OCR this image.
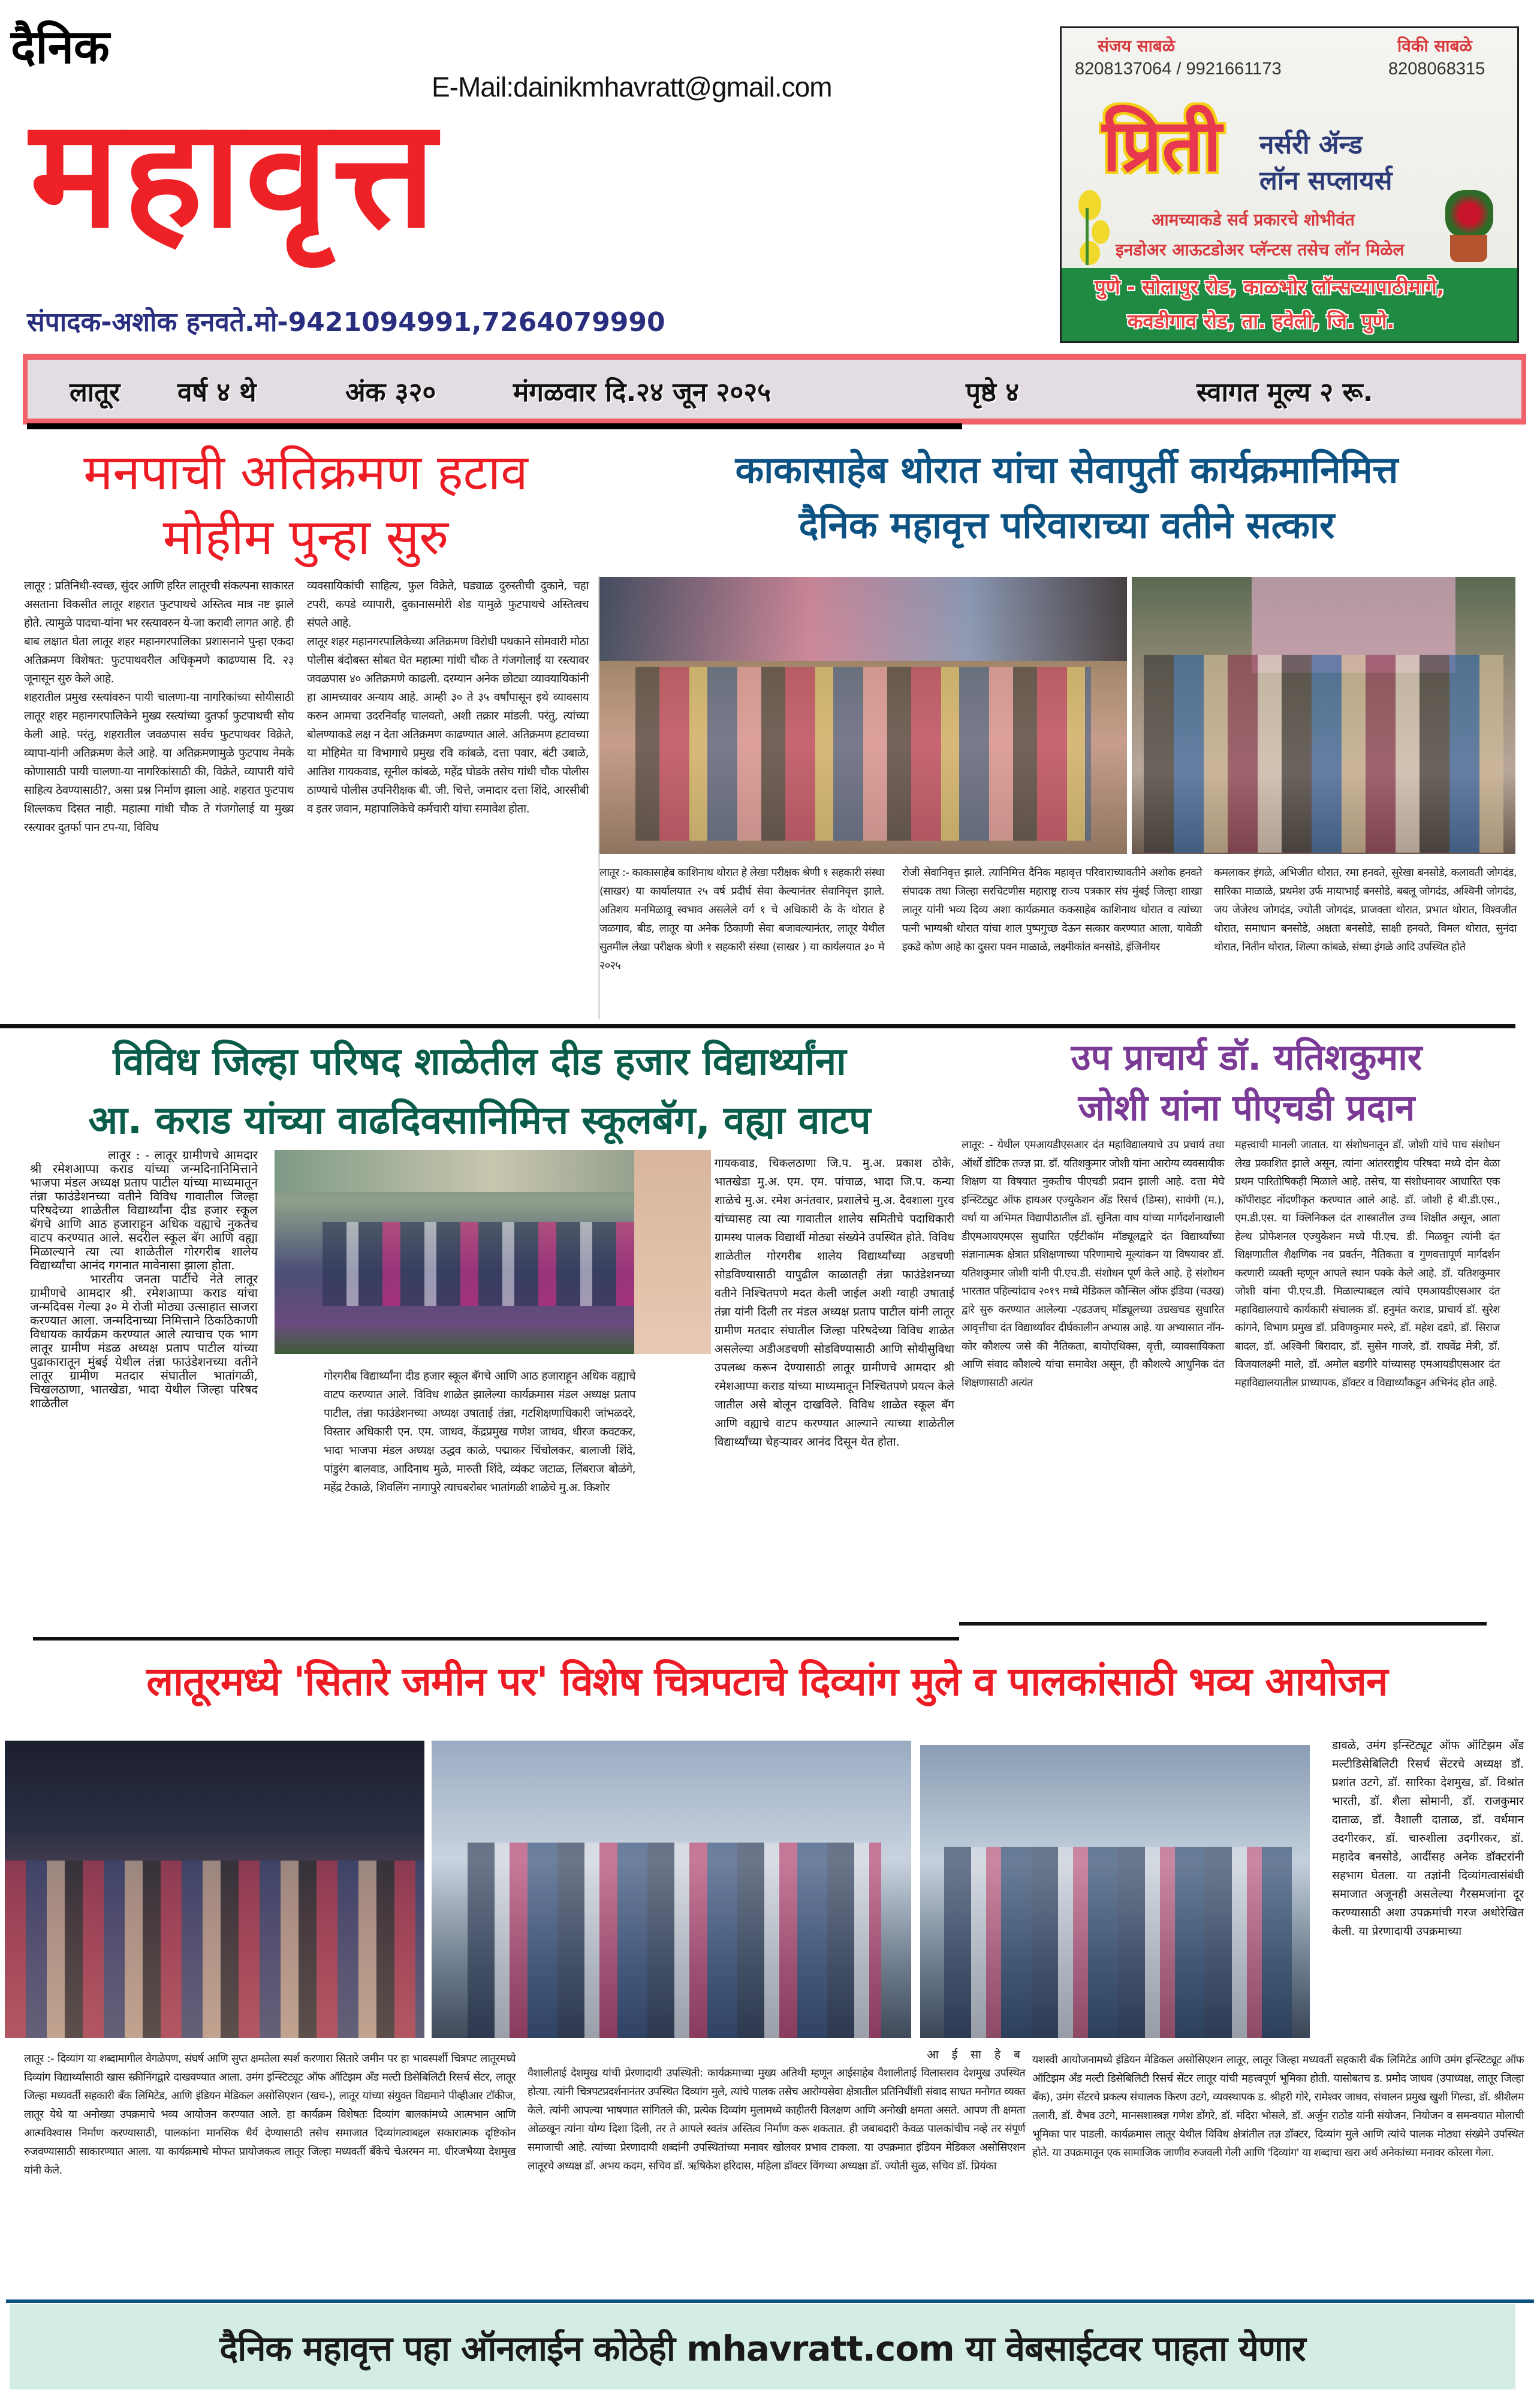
दैनिक
E-Mail:dainikmhavratt@gmail.com
महावृत्त
संपादक-अशोक हनवते.मो-9421094991,7264079990
संजय साबळे
8208137064 / 9921661173
विकी साबळे
8208068315
प्रिती नर्सरी ॲन्ड
लॉन सप्लायर्स
आमच्याकडे सर्व प्रकारचे शोभीवंत
इनडोअर आऊटडोअर प्लॅन्टस तसेच लॉन मिळेल
पुणे - सोलापुर रोड, काळभोर लॉन्सच्यापाठीमागे,
कवडीगाव रोड, ता. हवेली, जि. पुणे.
लातूर वर्ष ४ थे	अंक ३२०	मंगळवार दि.२४ जून २०२५	पृष्ठे ४	स्वागत मूल्य २ रू.
मनपाची अतिक्रमण हटाव
मोहीम पुन्हा सुरु

लातूर : प्रतिनिधी-स्वच्छ, सुंदर आणि हरित लातूरची संकल्पना साकारत असताना विकसीत लातूर शहरात फुटपाथचे अस्तित्व मात्र नष्ट झाले होते. त्यामुळे पादचा-यांना भर रस्त्यावरुन ये-जा करावी लागत आहे. ही बाब लक्षात घेता लातूर शहर महानगरपालिका प्रशासनाने पुन्हा एकदा अतिक्रमण विशेषत: फुटपाथवरील अधिकृमणे काढण्यास दि. २३ जूनासून सुरु केले आहे.

शहरातील प्रमुख रस्त्यांवरुन पायी चालणा-या नागरिकांच्या सोयीसाठी लातूर शहर महानगरपालिकेने मुख्य रस्त्यांच्या दुतर्फा फुटपाथची सोय केली आहे. परंतु, शहरातील जवळपास सर्वच फुटपाथवर विक्रेते, व्यापा-यांनी अतिक्रमण केले आहे. या अतिक्रमणामुळे फुटपाथ नेमके कोणासाठी पायी चालणा-या नागरिकांसाठी की, विक्रेते, व्यापारी यांचे साहित्य ठेवण्यासाठी?, असा प्रश्न निर्माण झाला आहे. शहरात फुटपाथ शिल्लकच दिसत नाही. महात्मा गांधी चौक ते गंजगोलाई या मुख्य रस्त्यावर दुतर्फा पान टप-या, विविध

व्यवसायिकांची साहित्य, फुल विक्रेते, घड्याळ दुरुस्तीची दुकाने, चहा टपरी, कपडे व्यापारी, दुकानासमोरी शेड यामुळे फुटपाथचे अस्तित्वच संपले आहे.

लातूर शहर महानगरपालिकेच्या अतिक्रमण विरोधी पथकाने सोमवारी मोठा पोलीस बंदोबस्त सोबत घेत महात्मा गांधी चौक ते गंजगोलाई या रस्त्यावर जवळपास ४० अतिक्रमणे काढली. दरम्यान अनेक छोट्या व्यावयायिकांनी हा आमच्यावर अन्याय आहे. आम्ही ३० ते ३५ वर्षांपासून इथे व्यावसाय करुन आमचा उदरनिर्वाह चालवतो, अशी तक्रार मांडली. परंतु, त्यांच्या बोलण्याकडे लक्ष न देता अतिक्रमण काढण्यात आले. अतिक्रमण हटावच्या या मोहिमेत या विभागाचे प्रमुख रवि कांबळे, दत्ता पवार, बंटी उबाळे, आतिश गायकवाड, सूनील कांबळे, महेंद्र घोडके तसेच गांधी चौक पोलीस ठाण्याचे पोलीस उपनिरीक्षक बी. जी. चित्ते, जमादार दत्ता शिंदे, आरसीबी व इतर जवान, महापालिकेचे कर्मचारी यांचा समावेश होता.

काकासाहेब थोरात यांचा सेवापुर्ती कार्यक्रमानिमित्त
दैनिक महावृत्त परिवाराच्या वतीने सत्कार
लातूर :- काकासाहेब काशिनाथ थोरात हे लेखा परीक्षक श्रेणी १ सहकारी संस्था (साखर) या कार्यालयात २५ वर्ष प्रदीर्घ सेवा केल्यानंतर सेवानिवृत्त झाले. अतिशय मनमिळावू स्वभाव असलेले वर्ग १ चे अधिकारी के के थोरात हे जळगाव, बीड, लातूर या अनेक ठिकाणी सेवा बजावल्यानंतर, लातूर येथील सुतमील लेखा परीक्षक श्रेणी १ सहकारी संस्था (साखर ) या कार्यलयात ३० मे २०२५
रोजी सेवानिवृत्त झाले. त्यानिमित्त दैनिक महावृत्त परिवाराच्यावतीने अशोक हनवते संपादक तथा जिल्हा सरचिटणीस महाराष्ट्र राज्य पत्रकार संघ मुंबई जिल्हा शाखा लातूर यांनी भव्य दिव्य अशा कार्यक्रमात ककसाहेब काशिनाथ थोरात व त्यांच्या पत्नी भाग्यश्री थोरात यांचा शाल पुष्पगुच्छ देऊन सत्कार करण्यात आला, यावेळी इकडे कोण आहे का दुसरा पवन माळाळे, लक्ष्मीकांत बनसोडे, इंजिनीयर
कमलाकर इंगळे, अभिजीत थोरात, रमा हनवते, सुरेखा बनसोडे, कलावती जोगदंड, सारिका माळाळे, प्रथमेश उर्फ मायाभाई बनसोडे, बबलू जोगदंड, अश्विनी जोगदंड, जय जेजेरथ जोगदंड, ज्योती जोगदंड, प्राजक्ता थोरात, प्रभात थोरात, विश्वजीत थोरात, समाधान बनसोडे, अक्षता बनसोडे, साक्षी हनवते, विमल थोरात, सुनंदा थोरात, नितीन थोरात, शिल्पा कांबळे, संध्या इंगळे आदि उपस्थित होते
विविध जिल्हा परिषद शाळेतील दीड हजार विद्यार्थ्यांना
आ. कराड यांच्या वाढदिवसानिमित्त स्कूलबॅग, वह्या वाटप

लातूर : - लातूर ग्रामीणचे आमदार श्री रमेशआप्पा कराड यांच्या जन्मदिनानिमित्ताने भाजपा मंडल अध्यक्ष प्रताप पाटील यांच्या माध्यमातून तंन्ना फाउंडेशनच्या वतीने विविध गावातील जिल्हा परिषदेच्या शाळेतील विद्यार्थ्यांना दीड हजार स्कूल बॅगचे आणि आठ हजाराहून अधिक वह्याचे नुकतेच वाटप करण्यात आले. सदरील स्कूल बॅग आणि वह्या मिळाल्याने त्या त्या शाळेतील गोरगरीब शालेय विद्यार्थ्यांचा आनंद गगनात मावेनासा झाला होता.

भारतीय जनता पार्टीचे नेते लातूर ग्रामीणचे आमदार श्री. रमेशआप्पा कराड यांचा जन्मदिवस गेल्या ३० मे रोजी मोठ्या उत्साहात साजरा करण्यात आला. जन्मदिनाच्या निमित्ताने ठिकठिकाणी विधायक कार्यक्रम करण्यात आले त्याचाच एक भाग लातूर ग्रामीण मंडळ अध्यक्ष प्रताप पाटील यांच्या पुढाकारातून मुंबई येथील तंन्ना फाउंडेशनच्या वतीने लातूर ग्रामीण मतदार संघातील भातांगळी, चिखलठाणा, भातखेडा, भादा येथील जिल्हा परिषद शाळेतील

गोरगरीब विद्यार्थ्यांना दीड हजार स्कूल बॅगचे आणि आठ हजाराहून अधिक वह्याचे वाटप करण्यात आले. विविध शाळेत झालेल्या कार्यक्रमास मंडल अध्यक्ष प्रताप पाटील, तंन्ना फाउंडेशनच्या अध्यक्ष उषाताई तंन्ना, गटशिक्षणाधिकारी जांभळदरे, विस्तार अधिकारी एन. एम. जाधव, केंद्रप्रमुख गणेश जाधव, धीरज कवटकर, भादा भाजपा मंडल अध्यक्ष उद्धव काळे, पद्माकर चिंचोलकर, बालाजी शिंदे, पांडुरंग बालवाड, आदिनाथ मुळे, मारुती शिंदे, व्यंकट जटाळ, लिंबराज बोळंगे, महेंद्र टेकाळे, शिवलिंग नागापुरे त्याचबरोबर भातांगळी शाळेचे मु.अ. किशोर

गायकवाड, चिकलठाणा जि.प. मु.अ. प्रकाश ठोके, भातखेडा मु.अ. एम. एम. पांचाळ, भादा जि.प. कन्या शाळेचे मु.अ. रमेश अनंतवार, प्रशालेचे मु.अ. दैवशाला गुरव यांच्यासह त्या त्या गावातील शालेय समितीचे पदाधिकारी ग्रामस्थ पालक विद्यार्थी मोठ्या संख्येने उपस्थित होते. विविध शाळेतील गोरगरीब शालेय विद्यार्थ्यांच्या अडचणी सोडविण्यासाठी यापुढील काळातही तंन्ना फाउंडेशनच्या वतीने निश्चितपणे मदत केली जाईल अशी ग्वाही उषाताई तंन्ना यांनी दिली तर मंडल अध्यक्ष प्रताप पाटील यांनी लातूर ग्रामीण मतदार संघातील जिल्हा परिषदेच्या विविध शाळेत असलेल्या अडीअडचणी सोडविण्यासाठी आणि सोयीसुविधा उपलब्ध करून देण्यासाठी लातूर ग्रामीणचे आमदार श्री रमेशआप्पा कराड यांच्या माध्यमातून निश्चितपणे प्रयत्न केले जातील असे बोलून दाखविले. विविध शाळेत स्कूल बॅग आणि वह्याचे वाटप करण्यात आल्याने त्याच्या शाळेतील विद्यार्थ्यांच्या चेहऱ्यावर आनंद दिसून येत होता.

उप प्राचार्य डॉ. यतिशकुमार
जोशी यांना पीएचडी प्रदान
लातूर: - येथील एमआयडीएसआर दंत महाविद्यालयाचे उप प्रचार्य तथा ऑर्थो डोंटिक तज्ज्ञ प्रा. डॉ. यतिशकुमार जोशी यांना आरोग्य व्यवसायीक शिक्षण या विषयात नुकतीच पीएचडी प्रदान झाली आहे. दत्ता मेघे इन्स्टिट्युट ऑफ हायअर एज्युकेशन ॲंड रिसर्च (डिम्स), सावंगी (म.), वर्धा या अभिमत विद्यापीठातील डॉ. सुनिता वाघ यांच्या मार्गदर्शनाखाली डीएमआयएमएस सुधारित एईटीकॉम मॉड्यूलद्वारे दंत विद्यार्थ्यांच्या संज्ञानात्मक क्षेत्रात प्रशिक्षणाच्या परिणामाचे मूल्यांकन या विषयावर डॉ. यतिशकुमार जोशी यांनी पी.एच.डी. संशोधन पूर्ण केले आहे. हे संशोधन भारतात पहिल्यांदाच २०१९ मध्ये मेडिकल कौन्सिल ऑफ इंडिया (चउख) द्वारे सुरु करण्यात आलेल्या -एढउजच् मॉड्यूलच्या उच्रखचड सुधारित आवृत्तीचा दंत विद्यार्थ्यांवर दीर्घकालीन अभ्यास आहे. या अभ्यासात नॉन-कोर कौशल्य जसे की नैतिकता, बायोएथिक्स, वृत्ती, व्यावसायिकता आणि संवाद कौशल्ये यांचा समावेश असून, ही कौशल्ये आधुनिक दंत शिक्षणासाठी अत्यंत
महत्त्वाची मानली जातात. या संशोधनातून डॉ. जोशी यांचे पाच संशोधन लेख प्रकाशित झाले असून, त्यांना आंतरराष्ट्रीय परिषदा मध्ये दोन वेळा प्रथम पारितोषिकही मिळाले आहे. तसेच, या संशोधनावर आधारित एक कॉपीराइट नोंदणीकृत करण्यात आले आहे. डॉ. जोशी हे बी.डी.एस., एम.डी.एस. या क्लिनिकल दंत शास्त्रातील उच्च शिक्षीत असून, आता हेल्थ प्रोफेशनल एज्युकेशन मध्ये पी.एच. डी. मिळवून त्यांनी दंत शिक्षणातील शैक्षणिक नव प्रवर्तन, नैतिकता व गुणवत्तापूर्ण मार्गदर्शन करणारी व्यक्ती म्हणून आपले स्थान पक्के केले आहे. डॉ. यतिशकुमार जोशी यांना पी.एच.डी. मिळाल्याबद्दल त्यांचे एमआयडीएसआर दंत महाविद्यालयाचे कार्यकारी संचालक डॉ. हनुमंत कराड, प्राचार्य डॉ. सुरेश कांगने, विभाग प्रमुख डॉ. प्रविणकुमार मरुरे, डॉ. महेश दडपे, डॉ. सिराज बादल, डॉ. अश्विनी बिरादार, डॉ. सुसेन गाजरे, डॉ. राघवेंद्र मेत्री, डॉ. विजयालक्ष्मी माले, डॉ. अमोल बडगीरे यांच्यासह एमआयडीएसआर दंत महाविद्यालयातील प्राध्यापक, डॉक्टर व विद्यार्थ्यांकडून अभिनंद होत आहे.
लातूरमध्ये 'सितारे जमीन पर' विशेष चित्रपटाचे दिव्यांग मुले व पालकांसाठी भव्य आयोजन
डावळे, उमंग इन्स्टिट्यूट ऑफ ऑटिझम ॲंड मल्टीडिसेबिलिटी रिसर्च सेंटरचे अध्यक्ष डॉ. प्रशांत उटगे, डॉ. सारिका देशमुख, डॉ. विश्रांत भारती, डॉ. शैला सोमानी, डॉ. राजकुमार दाताळ, डॉ. वैशाली दाताळ, डॉ. वर्धमान उदगीरकर, डॉ. चारुशीला उदगीरकर, डॉ. महादेव बनसोडे, आदींसह अनेक डॉक्टरांनी सहभाग घेतला. या तज्ञांनी दिव्यांगत्वासंबंधी समाजात अजूनही असलेल्या गैरसमजांना दूर करण्यासाठी अशा उपक्रमांची गरज अधोरेखित केली. या प्रेरणादायी उपक्रमाच्या
लातूर :- दिव्यांग या शब्दामागील वेगळेपण, संघर्ष आणि सुप्त क्षमतेला स्पर्श करणारा सितारे जमीन पर हा भावस्पर्शी चित्रपट लातूरमध्ये दिव्यांग विद्यार्थ्यांसाठी खास स्क्रीनिंगद्वारे दाखवण्यात आला. उमंग इन्स्टिट्यूट ऑफ ऑटिझम ॲंड मल्टी डिसेबिलिटी रिसर्च सेंटर, लातूर जिल्हा मध्यवर्ती सहकारी बँक लिमिटेड, आणि इंडियन मेडिकल असोसिएशन (खच-), लातूर यांच्या संयुक्त विद्यमाने पीव्हीआर टॉकीज, लातूर येथे या अनोख्या उपक्रमाचे भव्य आयोजन करण्यात आले. हा कार्यक्रम विशेषतः दिव्यांग बालकांमध्ये आत्मभान आणि आत्मविश्वास निर्माण करण्यासाठी, पालकांना मानसिक धैर्य देण्यासाठी तसेच समाजात दिव्यांगत्वाबद्दल सकारात्मक दृष्टिकोन रुजवण्यासाठी साकारण्यात आला. या कार्यक्रमाचे मोफत प्रायोजकत्व लातूर जिल्हा मध्यवर्ती बँकेचे चेअरमन मा. धीरजभैय्या देशमुख यांनी केले.
आ ई सा हे ब
वैशालीताई देशमुख यांची प्रेरणादायी उपस्थिती: कार्यक्रमाच्या मुख्य अतिथी म्हणून आईसाहेब वैशालीताई विलासराव देशमुख उपस्थित होत्या. त्यांनी चित्रपटप्रदर्शनानंतर उपस्थित दिव्यांग मुले, त्यांचे पालक तसेच आरोग्यसेवा क्षेत्रातील प्रतिनिधींशी संवाद साधत मनोगत व्यक्त केले. त्यांनी आपल्या भाषणात सांगितले की, प्रत्येक दिव्यांग मुलामध्ये काहीतरी विलक्षण आणि अनोखी क्षमता असते. आपण ती क्षमता ओळखून त्यांना योग्य दिशा दिली, तर ते आपले स्वतंत्र अस्तित्व निर्माण करू शकतात. ही जबाबदारी केवळ पालकांचीच नव्हे तर संपूर्ण समाजाची आहे. त्यांच्या प्रेरणादायी शब्दांनी उपस्थितांच्या मनावर खोलवर प्रभाव टाकला. या उपक्रमात इंडियन मेडिकल असोसिएशन लातूरचे अध्यक्ष डॉ. अभय कदम, सचिव डॉ. ऋषिकेश हरिदास, महिला डॉक्टर विंगच्या अध्यक्षा डॉ. ज्योती सुळ, सचिव डॉ. प्रियंका
यशस्वी आयोजनामध्ये इंडियन मेडिकल असोसिएशन लातूर, लातूर जिल्हा मध्यवर्ती सहकारी बँक लिमिटेड आणि उमंग इन्स्टिट्यूट ऑफ ऑटिझम ॲंड मल्टी डिसेबिलिटी रिसर्च सेंटर लातूर यांची महत्त्वपूर्ण भूमिका होती. यासोबतच ड. प्रमोद जाधव (उपाध्यक्ष, लातूर जिल्हा बँक), उमंग सेंटरचे प्रकल्प संचालक किरण उटगे, व्यवस्थापक ड. श्रीहरी गोरे, रामेश्वर जाधव, संचालन प्रमुख खुशी गिल्डा, डॉ. श्रीशैलम तलारी, डॉ. वैभव उटगे, मानसशास्त्रज्ञ गणेश डोंगरे, डॉ. मंदिरा भोसले, डॉ. अर्जुन राठोड यांनी संयोजन, नियोजन व समन्वयात मोलाची भूमिका पार पाडली. कार्यक्रमास लातूर येथील विविध क्षेत्रांतील तज्ञ डॉक्टर, दिव्यांग मुले आणि त्यांचे पालक मोठ्या संख्येने उपस्थित होते. या उपक्रमातून एक सामाजिक जाणीव रुजवली गेली आणि 'दिव्यांग' या शब्दाचा खरा अर्थ अनेकांच्या मनावर कोरला गेला.
दैनिक महावृत्त पहा ऑनलाईन कोठेही mhavratt.com या वेबसाईटवर पाहता येणार
